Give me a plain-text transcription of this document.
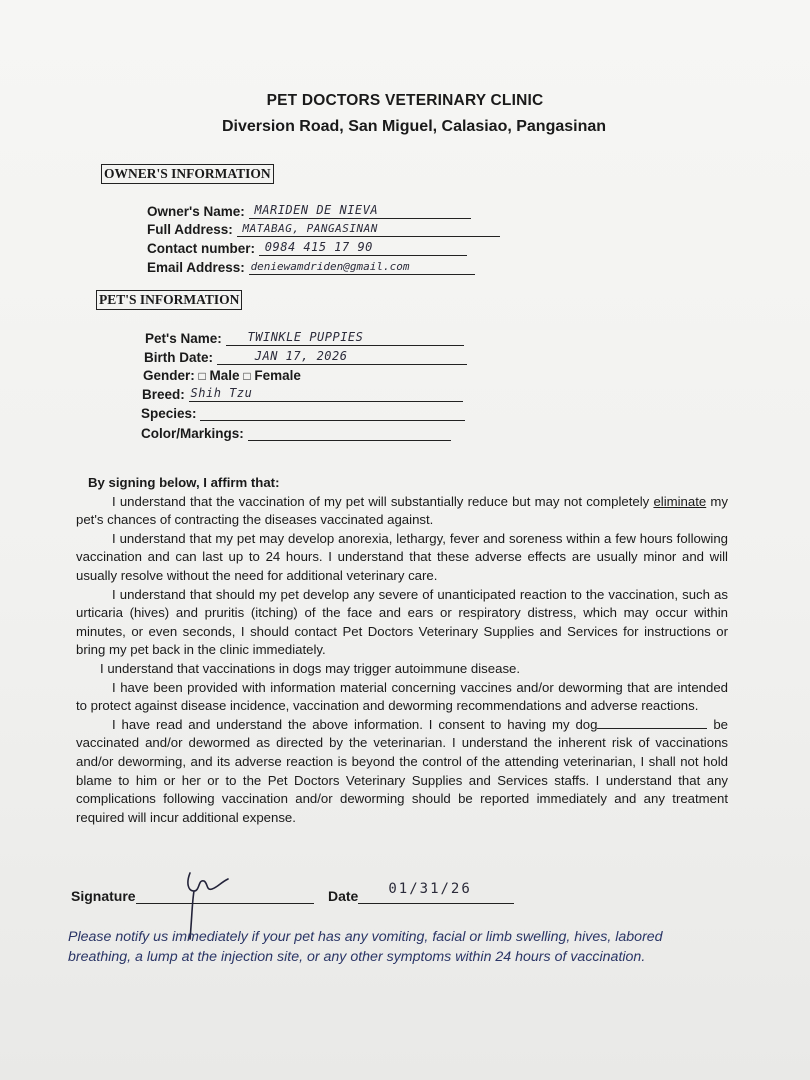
PET DOCTORS VETERINARY CLINIC
Diversion Road, San Miguel, Calasiao, Pangasinan
OWNER'S INFORMATION
Owner's Name: MARIDEN DE NIEVA
Full Address: MATABAG, PANGASINAN
Contact number: 0984 415 17 90
Email Address: deniewamdriden@gmail.com
PET'S INFORMATION
Pet's Name: TWINKLE PUPPIES
Birth Date:	JAN 17, 2026
Gender: □ Male □ Female
Breed: Shih Tzu
Species:
Color/Markings:
By signing below, I affirm that:

I understand that the vaccination of my pet will substantially reduce but may not completely eliminate my pet's chances of contracting the diseases vaccinated against.

I understand that my pet may develop anorexia, lethargy, fever and soreness within a few hours following vaccination and can last up to 24 hours. I understand that these adverse effects are usually minor and will usually resolve without the need for additional veterinary care.

I understand that should my pet develop any severe of unanticipated reaction to the vaccination, such as urticaria (hives) and pruritis (itching) of the face and ears or respiratory distress, which may occur within minutes, or even seconds, I should contact Pet Doctors Veterinary Supplies and Services for instructions or bring my pet back in the clinic immediately.

I understand that vaccinations in dogs may trigger autoimmune disease.

I have been provided with information material concerning vaccines and/or deworming that are intended to protect against disease incidence, vaccination and deworming recommendations and adverse reactions.

I have read and understand the above information. I consent to having my dog	be vaccinated and/or dewormed as directed by the veterinarian. I understand the inherent risk of vaccinations and/or deworming, and its adverse reaction is beyond the control of the attending veterinarian, I shall not hold blame to him or her or to the Pet Doctors Veterinary Supplies and Services staffs. I understand that any complications following vaccination and/or deworming should be reported immediately and any treatment required will incur additional expense.

Signature	Date 01/31/26
Please notify us immediately if your pet has any vomiting, facial or limb swelling, hives, labored breathing, a lump at the injection site, or any other symptoms within 24 hours of vaccination.
